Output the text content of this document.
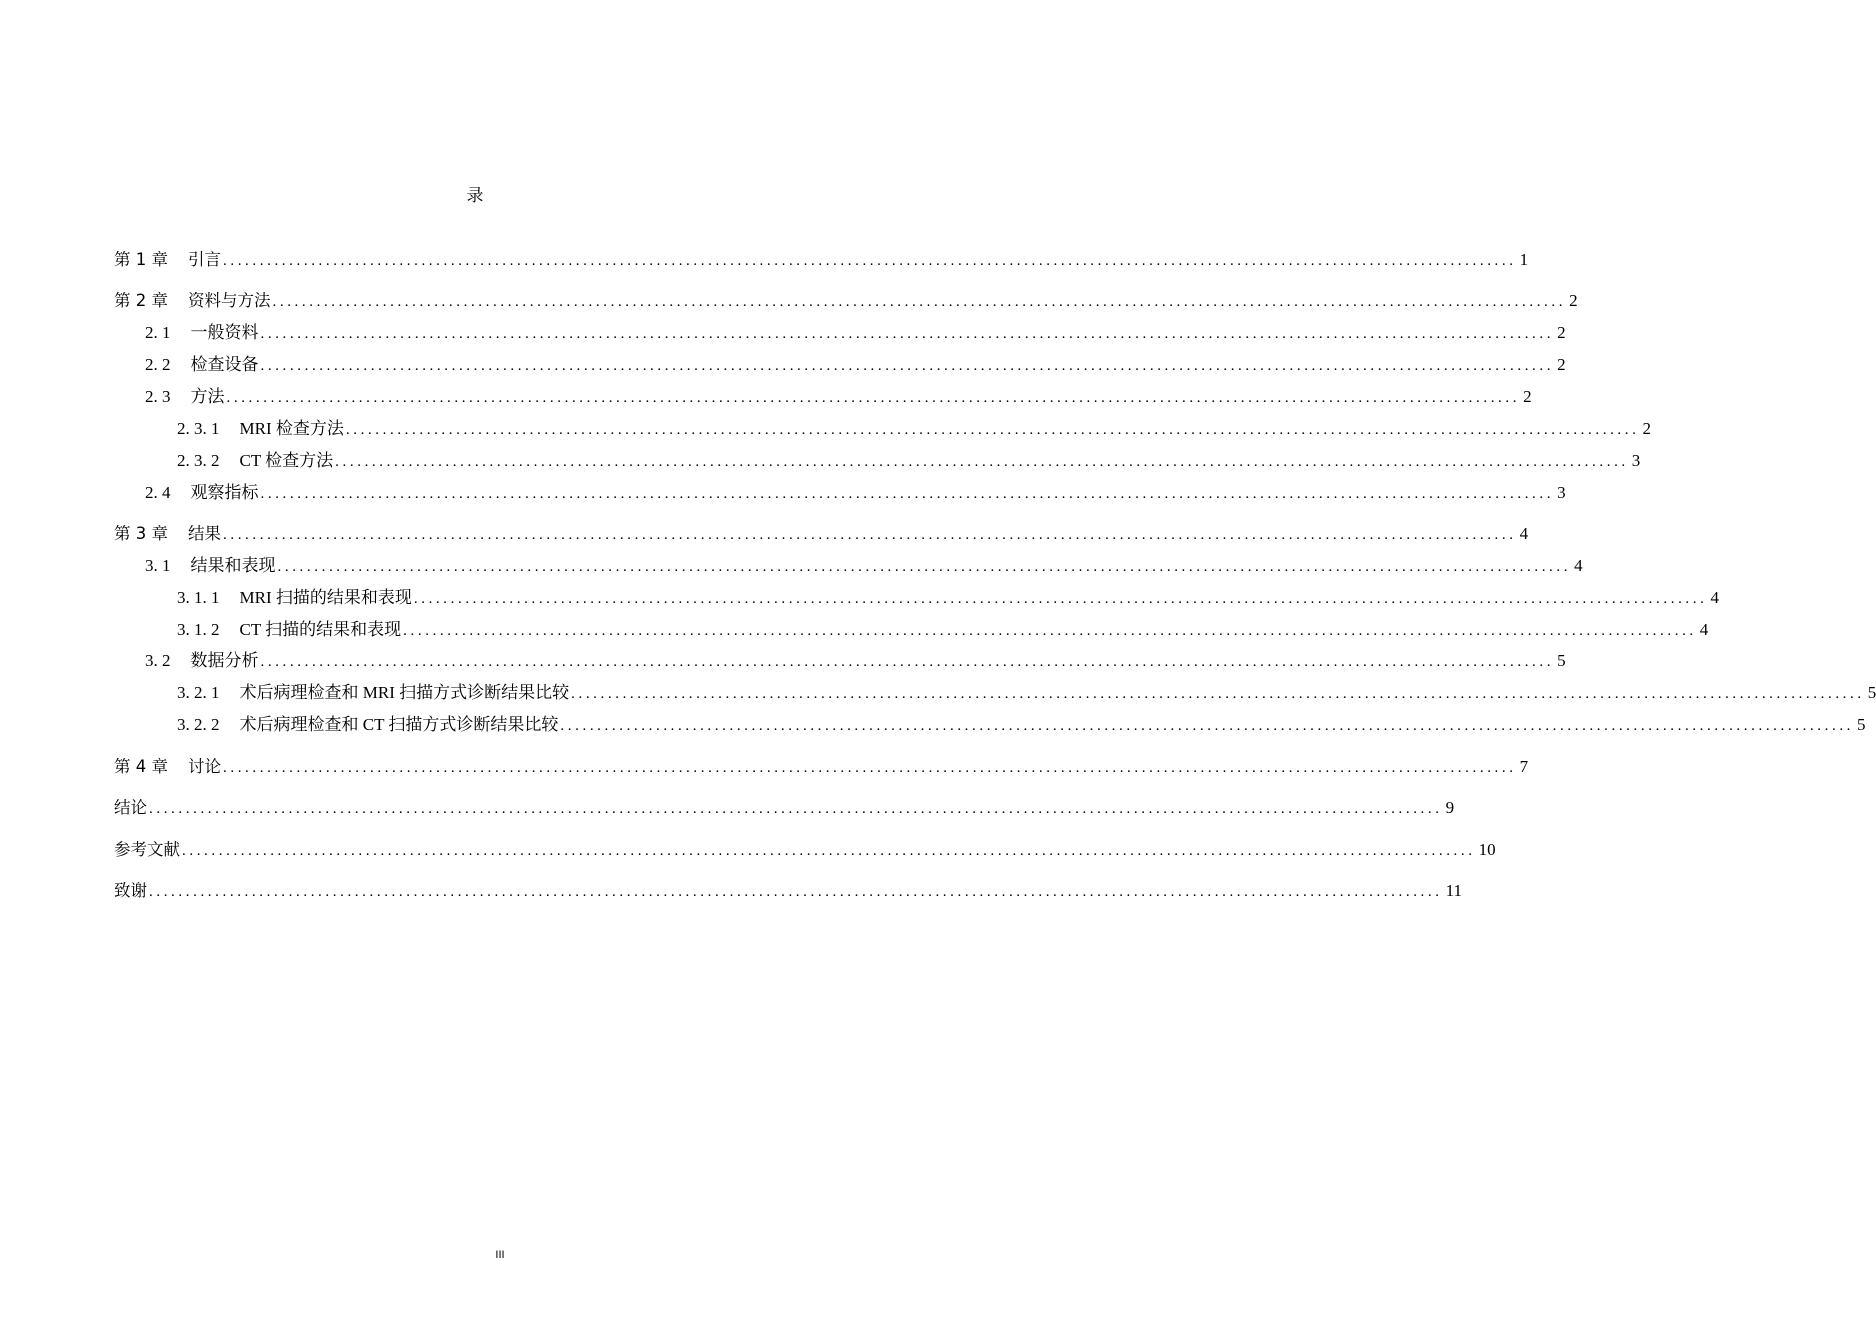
录
第 1 章 引言 ................................................................................................................................................................................ 1
第 2 章 资料与方法 ................................................................................................................................................................................ 2
2. 1 一般资料 ................................................................................................................................................................................ 2
2. 2 检查设备 ................................................................................................................................................................................ 2
2. 3 方法 ................................................................................................................................................................................ 2
2. 3. 1 MRI 检查方法 ................................................................................................................................................................................ 2
2. 3. 2 CT 检查方法 ................................................................................................................................................................................ 3
2. 4 观察指标 ................................................................................................................................................................................ 3
第 3 章 结果 ................................................................................................................................................................................ 4
3. 1 结果和表现 ................................................................................................................................................................................ 4
3. 1. 1 MRI 扫描的结果和表现 ................................................................................................................................................................................ 4
3. 1. 2 CT 扫描的结果和表现 ................................................................................................................................................................................ 4
3. 2 数据分析 ................................................................................................................................................................................ 5
3. 2. 1 术后病理检查和 MRI 扫描方式诊断结果比较 ................................................................................................................................................................................ 5
3. 2. 2 术后病理检查和 CT 扫描方式诊断结果比较 ................................................................................................................................................................................ 5
第 4 章 讨论 ................................................................................................................................................................................ 7
结论 ................................................................................................................................................................................ 9
参考文献 ................................................................................................................................................................................ 10
致谢 ................................................................................................................................................................................ 11
III
